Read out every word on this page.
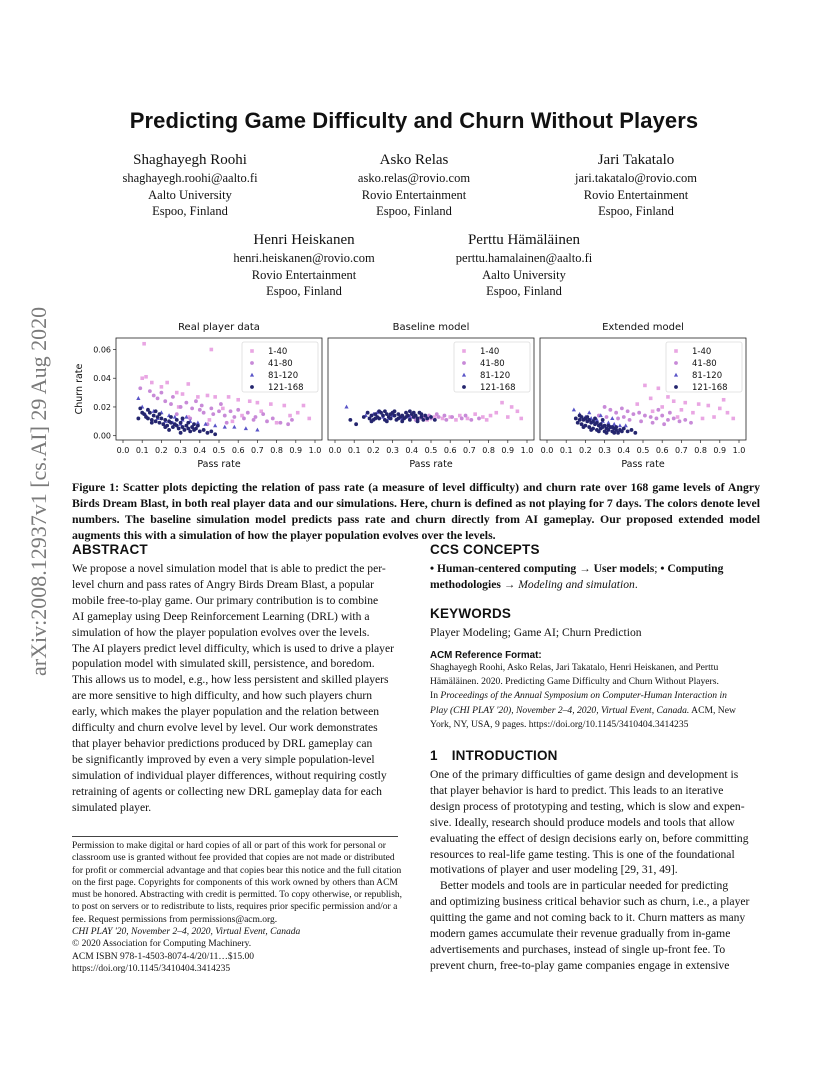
arXiv:2008.12937v1 [cs.AI] 29 Aug 2020
Predicting Game Difficulty and Churn Without Players
Shaghayegh Roohi
shaghayegh.roohi@aalto.fi
Aalto University
Espoo, Finland
Asko Relas
asko.relas@rovio.com
Rovio Entertainment
Espoo, Finland
Jari Takatalo
jari.takatalo@rovio.com
Rovio Entertainment
Espoo, Finland
Henri Heiskanen
henri.heiskanen@rovio.com
Rovio Entertainment
Espoo, Finland
Perttu Hämäläinen
perttu.hamalainen@aalto.fi
Aalto University
Espoo, Finland
Real player data
0.0 0.1 0.2 0.3 0.4 0.5 0.6 0.7 0.8 0.9 1.0
Pass rate
0.00
0.02
0.04
0.06
Churn rate
1-40
41-80
81-120
121-168
Baseline model
0.0 0.1 0.2 0.3 0.4 0.5 0.6 0.7 0.8 0.9 1.0
Pass rate
1-40
41-80
81-120
121-168
Extended model
0.0 0.1 0.2 0.3 0.4 0.5 0.6 0.7 0.8 0.9 1.0
Pass rate
1-40
41-80
81-120
121-168
Figure 1: Scatter plots depicting the relation of pass rate (a measure of level difficulty) and churn rate over 168 game levels of Angry Birds Dream Blast, in both real player data and our simulations. Here, churn is defined as not playing for 7 days. The colors denote level numbers. The baseline simulation model predicts pass rate and churn directly from AI gameplay. Our proposed extended model augments this with a simulation of how the player population evolves over the levels.
ABSTRACT
We propose a novel simulation model that is able to predict the per-
level churn and pass rates of Angry Birds Dream Blast, a popular
mobile free-to-play game. Our primary contribution is to combine
AI gameplay using Deep Reinforcement Learning (DRL) with a
simulation of how the player population evolves over the levels.
The AI players predict level difficulty, which is used to drive a player
population model with simulated skill, persistence, and boredom.
This allows us to model, e.g., how less persistent and skilled players
are more sensitive to high difficulty, and how such players churn
early, which makes the player population and the relation between
difficulty and churn evolve level by level. Our work demonstrates
that player behavior predictions produced by DRL gameplay can
be significantly improved by even a very simple population-level
simulation of individual player differences, without requiring costly
retraining of agents or collecting new DRL gameplay data for each
simulated player.
Permission to make digital or hard copies of all or part of this work for personal or
classroom use is granted without fee provided that copies are not made or distributed
for profit or commercial advantage and that copies bear this notice and the full citation
on the first page. Copyrights for components of this work owned by others than ACM
must be honored. Abstracting with credit is permitted. To copy otherwise, or republish,
to post on servers or to redistribute to lists, requires prior specific permission and/or a
fee. Request permissions from permissions@acm.org.
CHI PLAY '20, November 2–4, 2020, Virtual Event, Canada
© 2020 Association for Computing Machinery.
ACM ISBN 978-1-4503-8074-4/20/11…$15.00
https://doi.org/10.1145/3410404.3414235
CCS CONCEPTS
• Human-centered computing → User models; • Computing
methodologies → Modeling and simulation.
KEYWORDS
Player Modeling; Game AI; Churn Prediction
ACM Reference Format:
Shaghayegh Roohi, Asko Relas, Jari Takatalo, Henri Heiskanen, and Perttu
Hämäläinen. 2020. Predicting Game Difficulty and Churn Without Players.
In Proceedings of the Annual Symposium on Computer-Human Interaction in
Play (CHI PLAY '20), November 2–4, 2020, Virtual Event, Canada. ACM, New
York, NY, USA, 9 pages. https://doi.org/10.1145/3410404.3414235
1 INTRODUCTION
One of the primary difficulties of game design and development is
that player behavior is hard to predict. This leads to an iterative
design process of prototyping and testing, which is slow and expen-
sive. Ideally, research should produce models and tools that allow
evaluating the effect of design decisions early on, before committing
resources to real-life game testing. This is one of the foundational
motivations of player and user modeling [29, 31, 49].
Better models and tools are in particular needed for predicting
and optimizing business critical behavior such as churn, i.e., a player
quitting the game and not coming back to it. Churn matters as many
modern games accumulate their revenue gradually from in-game
advertisements and purchases, instead of single up-front fee. To
prevent churn, free-to-play game companies engage in extensive
